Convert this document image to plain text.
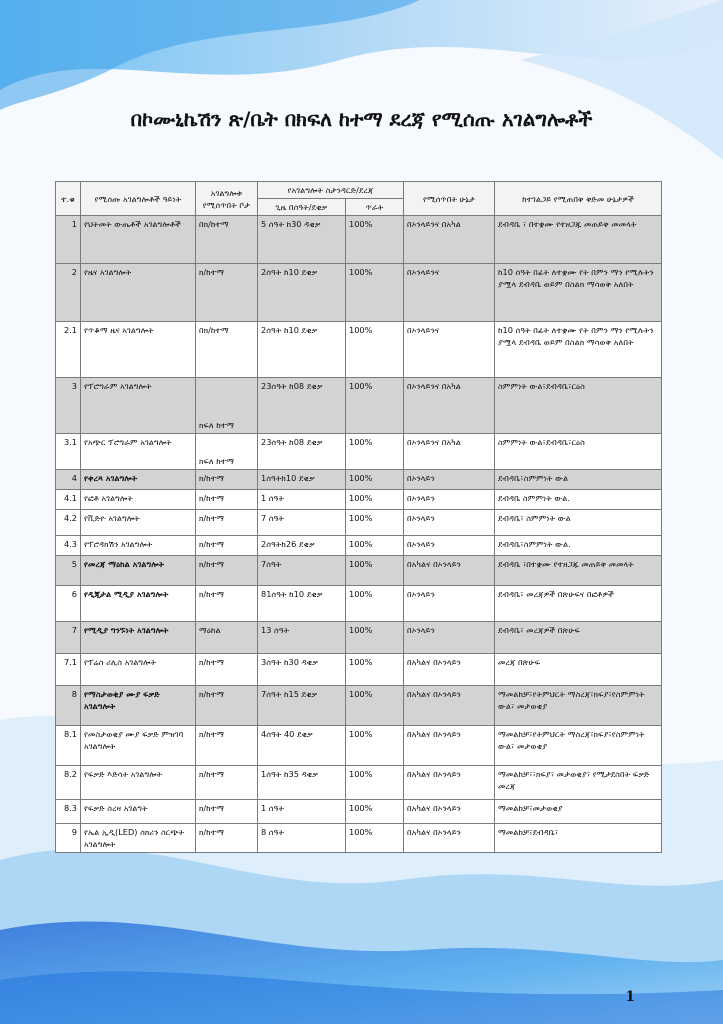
በኮሙኒኬሽን ጽ/ቤት በክፍለ ከተማ ደረጃ የሚሰጡ አገልግሎቶች
ተ.ቁ	የሚሰጡ አገልግሎቶች ዓይነት	አገልግሎቱ የሚሰጥበት ቦታ	የአገልግሎት ስታንዳርድ/ደረጃ		የሚሰጥበት ሁኔታ	ከተገልጋይ የሚጠበቅ ቅድመ ሁኔታዎች
			ጊዜ በሰዓት/ደቂቃ	ጥራት		
1	የህትመት ውጤቶች አገልግሎቶች	በክ/ከተማ	5 ሰዓት ከ30 ዳቂቃ	100%	በኦንላይንና በአካል	ደብዳቤ ፣ በተቋሙ የተዘጋጁ መጠይቅ መመላት
2	የዜና አገልግሎት	ክ/ከተማ	2ሰዓት ከ10 ደቂቃ	100%	በኦንላይንና	ከ10 ሰዓት በፊት ለተቋሙ የት በምን ማን የሚሉትን ያሟላ ደብዳቤ ወይም በስልክ ማሳወቅ አለበት
2.1	የጥቆማ ዜና አገልግሎት	በክ/ከተማ	2ሰዓት ከ10 ደቂቃ	100%	በኦንላይንና	ከ10 ሰዓት በፊት ለተቋሙ የት በምን ማን የሚሉትን ያሟላ ደብዳቤ ወይም በስልክ ማሳወቅ አለበት
3	የፕሮግራም አገልግሎት	ክፍለ ከተማ	23ሰዓት ከ08 ደቂቃ	100%	በኦንላይንና በአካል	ስምምነት ውል፣ደብዳቤ፣ርዕስ
3.1	የአጭር ፕሮግራም አገልግሎት	ክፍለ ከተማ	23ሰዓት ከ08 ደቂቃ	100%	በኦንላይንና በአካል	ስምምነት ውል፣ደብዳቤ፣ርዕስ
4	የቀረጻ አገልግሎት	ክ/ከተማ	1ሰዓትከ10 ደቂቃ	100%	በኦንላይን	ደብዳቤ፣ስምምነት ውል
4.1	የፎቶ አገልግሎት	ክ/ከተማ	1 ሰዓት	100%	በኦንላይን	ደብዳቤ ስምምነት ውል.
4.2	የቪድዮ አገልግሎት	ክ/ከተማ	7 ሰዓት	100%	በኦንላይን	ደብዳቤ፣ ስምምነት ውል
4.3	የፕሮዳክሽን አገልግሎት	ክ/ከተማ	2ሰዓትከ26 ደቂቃ	100%	በኦንላይን	ደብዳቤ፣ስምምነት ውል.
5	የመረጃ ማዕከል አገልግሎት	ክ/ከተማ	7ሰዓት	100%	በአካልና በኦንላይን	ደብዳቤ ፣በተቋሙ የተዘጋጁ መጠይቅ መመላት
6	የዲጂታል ሚዲያ አገልግሎት	ክ/ከተማ	81ሰዓት ከ10 ደቂቃ	100%	በኦንላይን	ደብዳቤ፣ መረጃዎች በጽሁፍና በፎቶዎች
7	የሚዲያ ግንኙነት አገልግሎት	ማዕከል	13 ሰዓት	100%	በኦንላይን	ደብዳቤ፣ መረጃዎች በጽሁፍ
7.1	የፕሬስ ሪሊስ አገልግሎት	ክ/ከተማ	3ሰዓት ከ30 ዳቂቃ	100%	በአካልና በኦንላይን	መረጃ በጽሁፍ
8	የማስታወቂያ ሙያ ፍቃድ አገልግሎት	ክ/ከተማ	7ሰዓት ከ15 ደቂቃ	100%	በአካልና በኦንላይን	ማመልከቻ፣የትምህርት ማስረጃ፣ክፍያ፣የስምምነት ውል፣ መታወቂያ
8.1	የመስታወቂያ ሙያ ፍቃድ ምዝገባ አገልግሎት	ክ/ከተማ	4ሰዓት 40 ደቂቃ	100%	በአካልና በኦንላይን	ማመልከቻ፣የትምህርት ማስረጃ፣ክፍያ፣የስምምነት ውል፣ መታወቂያ
8.2	የፍቃድ እድሳት አገልግሎት	ክ/ከተማ	1ሰዓት ከ35 ዳቂቃ	100%	በአካልና በኦንላይን	ማመልከቻ፣፣ክፍያ፣ መታወቂያ፣ የሚታደስበት ፍቃድ መረጃ
8.3	የፍቃድ ስረዛ አገልግት	ክ/ከተማ	1 ሰዓት	100%	በአካልና በኦንላይን	ማመልከቻ፣መታወቂያ
9	የኤል ኢዲ(LED) ስክሪን ስርጭት አገልግሎት	ክ/ከተማ	8 ሰዓት	100%	በአካልና በኦንላይን	ማመልከቻ፣ደብዳቤ፣
1
